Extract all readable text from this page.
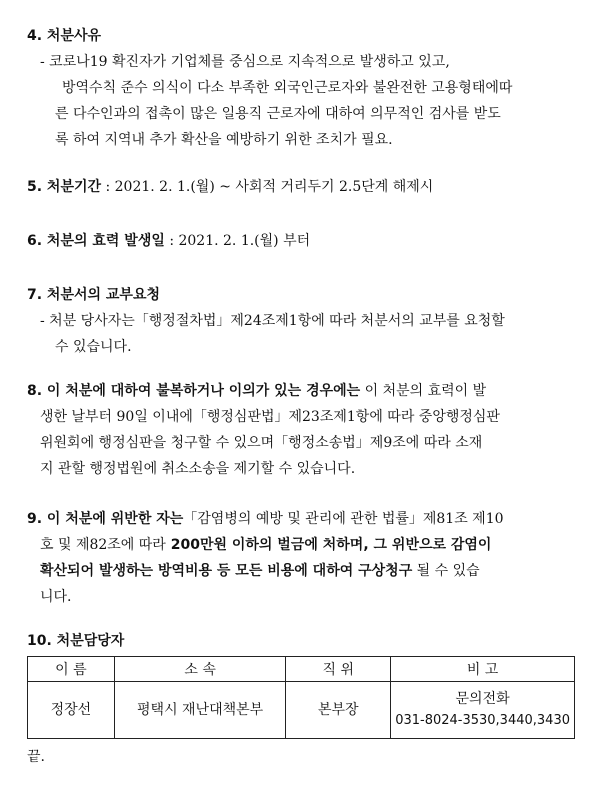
4. 처분사유
- 코로나19 확진자가 기업체를 중심으로 지속적으로 발생하고 있고,
방역수칙 준수 의식이 다소 부족한 외국인근로자와 불완전한 고용형태에따
른 다수인과의 접촉이 많은 일용직 근로자에 대하여 의무적인 검사를 받도
록 하여 지역내 추가 확산을 예방하기 위한 조치가 필요.
5. 처분기간 : 2021. 2. 1.(월) ~ 사회적 거리두기 2.5단계 해제시
6. 처분의 효력 발생일 : 2021. 2. 1.(월) 부터
7. 처분서의 교부요청
- 처분 당사자는「행정절차법」제24조제1항에 따라 처분서의 교부를 요청할
수 있습니다.
8. 이 처분에 대하여 불복하거나 이의가 있는 경우에는 이 처분의 효력이 발
생한 날부터 90일 이내에「행정심판법」제23조제1항에 따라 중앙행정심판
위원회에 행정심판을 청구할 수 있으며「행정소송법」제9조에 따라 소재
지 관할 행정법원에 취소소송을 제기할 수 있습니다.
9. 이 처분에 위반한 자는「감염병의 예방 및 관리에 관한 법률」제81조 제10
호 및 제82조에 따라 200만원 이하의 벌금에 처하며, 그 위반으로 감염이
확산되어 발생하는 방역비용 등 모든 비용에 대하여 구상청구 될 수 있습
니다.
10. 처분담당자
이 름	소 속	직 위	비 고
정장선	평택시 재난대책본부	본부장	문의전화
031-8024-3530,3440,3430
끝.
